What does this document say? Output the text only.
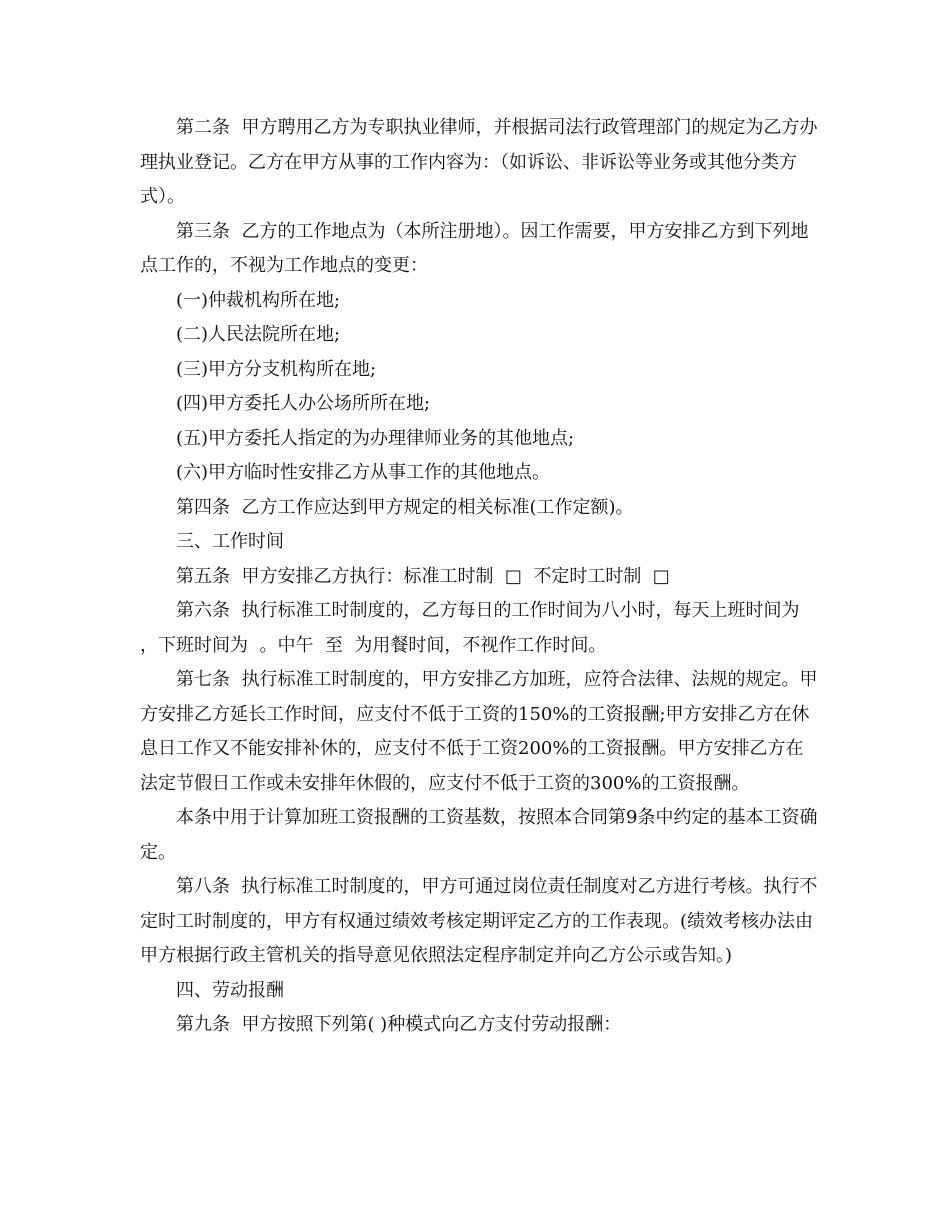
第二条  甲方聘用乙方为专职执业律师，并根据司法行政管理部门的规定为乙方办理执业登记。乙方在甲方从事的工作内容为：（如诉讼、非诉讼等业务或其他分类方式）。

第三条  乙方的工作地点为（本所注册地）。因工作需要，甲方安排乙方到下列地点工作的，不视为工作地点的变更：

(一)仲裁机构所在地;

(二)人民法院所在地;

(三)甲方分支机构所在地;

(四)甲方委托人办公场所所在地;

(五)甲方委托人指定的为办理律师业务的其他地点;

(六)甲方临时性安排乙方从事工作的其他地点。

第四条  乙方工作应达到甲方规定的相关标准(工作定额)。

三、工作时间

第五条  甲方安排乙方执行：标准工时制  □  不定时工时制  □

第六条  执行标准工时制度的，乙方每日的工作时间为八小时，每天上班时间为  ，下班时间为  。中午  至  为用餐时间，不视作工作时间。

第七条  执行标准工时制度的，甲方安排乙方加班，应符合法律、法规的规定。甲方安排乙方延长工作时间，应支付不低于工资的150%的工资报酬;甲方安排乙方在休息日工作又不能安排补休的，应支付不低于工资200%的工资报酬。甲方安排乙方在法定节假日工作或未安排年休假的，应支付不低于工资的300%的工资报酬。

本条中用于计算加班工资报酬的工资基数，按照本合同第9条中约定的基本工资确定。

第八条  执行标准工时制度的，甲方可通过岗位责任制度对乙方进行考核。执行不定时工时制度的，甲方有权通过绩效考核定期评定乙方的工作表现。(绩效考核办法由甲方根据行政主管机关的指导意见依照法定程序制定并向乙方公示或告知。)

四、劳动报酬

第九条  甲方按照下列第( )种模式向乙方支付劳动报酬：
